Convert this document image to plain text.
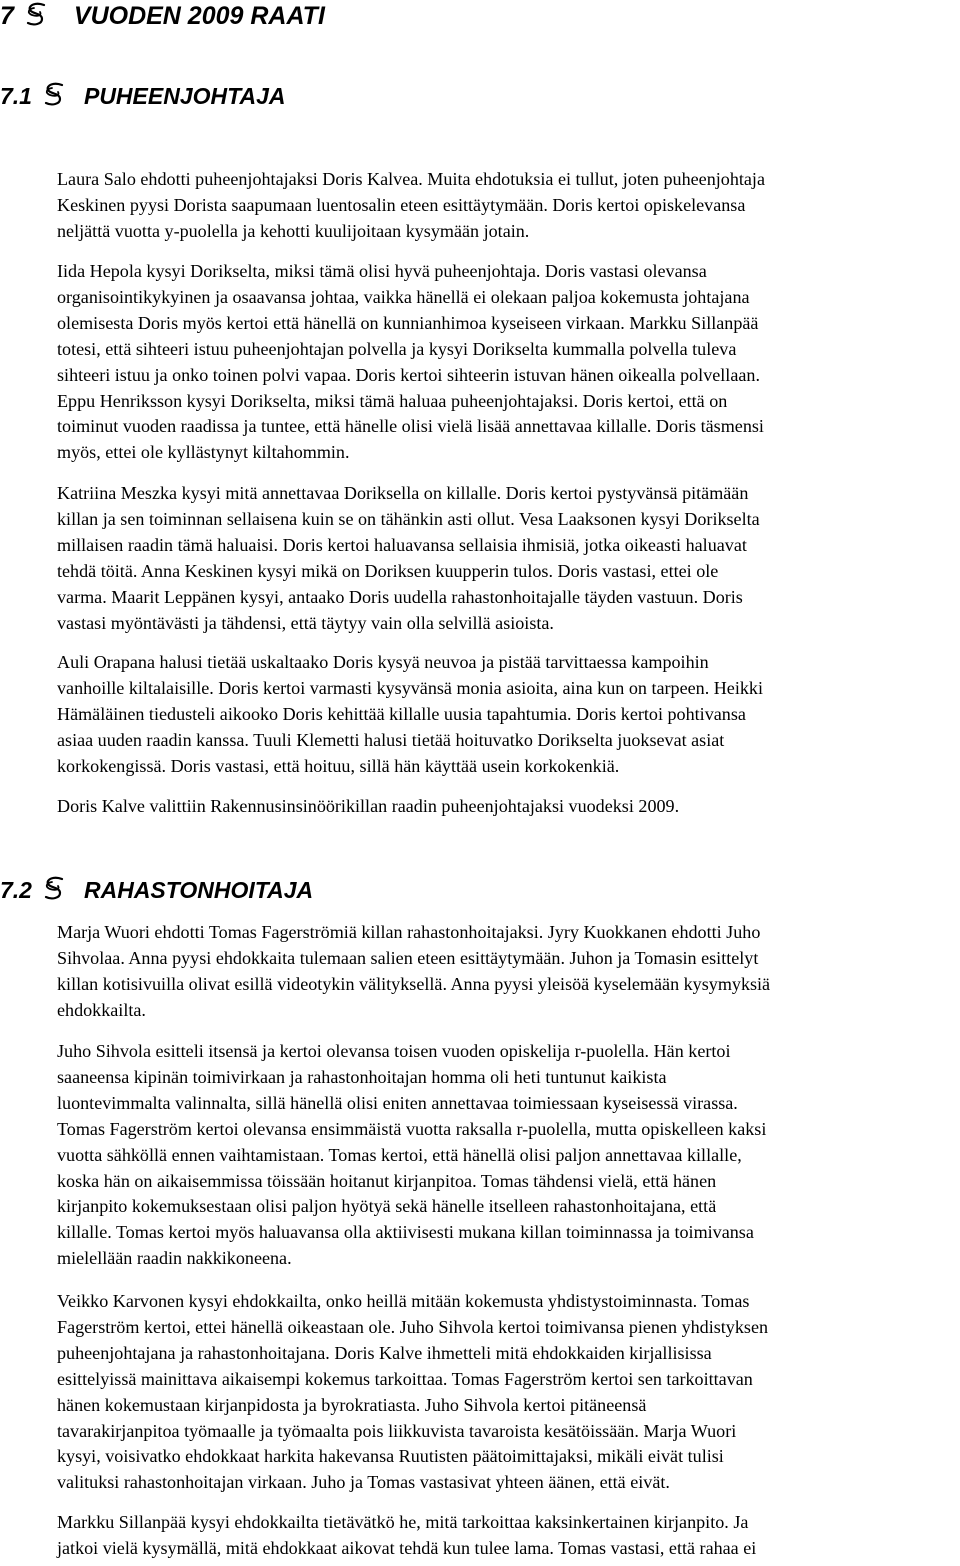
7 VUODEN 2009 RAATI
7.1 PUHEENJOHTAJA
Laura Salo ehdotti puheenjohtajaksi Doris Kalvea. Muita ehdotuksia ei tullut, joten puheenjohtaja
Keskinen pyysi Dorista saapumaan luentosalin eteen esittäytymään. Doris kertoi opiskelevansa
neljättä vuotta y-puolella ja kehotti kuulijoitaan kysymään jotain.
Iida Hepola kysyi Dorikselta, miksi tämä olisi hyvä puheenjohtaja. Doris vastasi olevansa
organisointikykyinen ja osaavansa johtaa, vaikka hänellä ei olekaan paljoa kokemusta johtajana
olemisesta Doris myös kertoi että hänellä on kunnianhimoa kyseiseen virkaan. Markku Sillanpää
totesi, että sihteeri istuu puheenjohtajan polvella ja kysyi Dorikselta kummalla polvella tuleva
sihteeri istuu ja onko toinen polvi vapaa. Doris kertoi sihteerin istuvan hänen oikealla polvellaan.
Eppu Henriksson kysyi Dorikselta, miksi tämä haluaa puheenjohtajaksi. Doris kertoi, että on
toiminut vuoden raadissa ja tuntee, että hänelle olisi vielä lisää annettavaa killalle. Doris täsmensi
myös, ettei ole kyllästynyt kiltahommin.
Katriina Meszka kysyi mitä annettavaa Doriksella on killalle. Doris kertoi pystyvänsä pitämään
killan ja sen toiminnan sellaisena kuin se on tähänkin asti ollut. Vesa Laaksonen kysyi Dorikselta
millaisen raadin tämä haluaisi. Doris kertoi haluavansa sellaisia ihmisiä, jotka oikeasti haluavat
tehdä töitä. Anna Keskinen kysyi mikä on Doriksen kuupperin tulos. Doris vastasi, ettei ole
varma. Maarit Leppänen kysyi, antaako Doris uudella rahastonhoitajalle täyden vastuun. Doris
vastasi myöntävästi ja tähdensi, että täytyy vain olla selvillä asioista.
Auli Orapana halusi tietää uskaltaako Doris kysyä neuvoa ja pistää tarvittaessa kampoihin
vanhoille kiltalaisille. Doris kertoi varmasti kysyvänsä monia asioita, aina kun on tarpeen. Heikki
Hämäläinen tiedusteli aikooko Doris kehittää killalle uusia tapahtumia. Doris kertoi pohtivansa
asiaa uuden raadin kanssa. Tuuli Klemetti halusi tietää hoituvatko Dorikselta juoksevat asiat
korkokengissä. Doris vastasi, että hoituu, sillä hän käyttää usein korkokenkiä.
Doris Kalve valittiin Rakennusinsinöörikillan raadin puheenjohtajaksi vuodeksi 2009.
7.2 RAHASTONHOITAJA
Marja Wuori ehdotti Tomas Fagerströmiä killan rahastonhoitajaksi. Jyry Kuokkanen ehdotti Juho
Sihvolaa. Anna pyysi ehdokkaita tulemaan salien eteen esittäytymään. Juhon ja Tomasin esittelyt
killan kotisivuilla olivat esillä videotykin välityksellä. Anna pyysi yleisöä kyselemään kysymyksiä
ehdokkailta.
Juho Sihvola esitteli itsensä ja kertoi olevansa toisen vuoden opiskelija r-puolella. Hän kertoi
saaneensa kipinän toimivirkaan ja rahastonhoitajan homma oli heti tuntunut kaikista
luontevimmalta valinnalta, sillä hänellä olisi eniten annettavaa toimiessaan kyseisessä virassa.
Tomas Fagerström kertoi olevansa ensimmäistä vuotta raksalla r-puolella, mutta opiskelleen kaksi
vuotta sähköllä ennen vaihtamistaan. Tomas kertoi, että hänellä olisi paljon annettavaa killalle,
koska hän on aikaisemmissa töissään hoitanut kirjanpitoa. Tomas tähdensi vielä, että hänen
kirjanpito kokemuksestaan olisi paljon hyötyä sekä hänelle itselleen rahastonhoitajana, että
killalle. Tomas kertoi myös haluavansa olla aktiivisesti mukana killan toiminnassa ja toimivansa
mielellään raadin nakkikoneena.
Veikko Karvonen kysyi ehdokkailta, onko heillä mitään kokemusta yhdistystoiminnasta. Tomas
Fagerström kertoi, ettei hänellä oikeastaan ole. Juho Sihvola kertoi toimivansa pienen yhdistyksen
puheenjohtajana ja rahastonhoitajana. Doris Kalve ihmetteli mitä ehdokkaiden kirjallisissa
esittelyissä mainittava aikaisempi kokemus tarkoittaa. Tomas Fagerström kertoi sen tarkoittavan
hänen kokemustaan kirjanpidosta ja byrokratiasta. Juho Sihvola kertoi pitäneensä
tavarakirjanpitoa työmaalle ja työmaalta pois liikkuvista tavaroista kesätöissään. Marja Wuori
kysyi, voisivatko ehdokkaat harkita hakevansa Ruutisten päätoimittajaksi, mikäli eivät tulisi
valituksi rahastonhoitajan virkaan. Juho ja Tomas vastasivat yhteen äänen, että eivät.
Markku Sillanpää kysyi ehdokkailta tietävätkö he, mitä tarkoittaa kaksinkertainen kirjanpito. Ja
jatkoi vielä kysymällä, mitä ehdokkaat aikovat tehdä kun tulee lama. Tomas vastasi, että rahaa ei
